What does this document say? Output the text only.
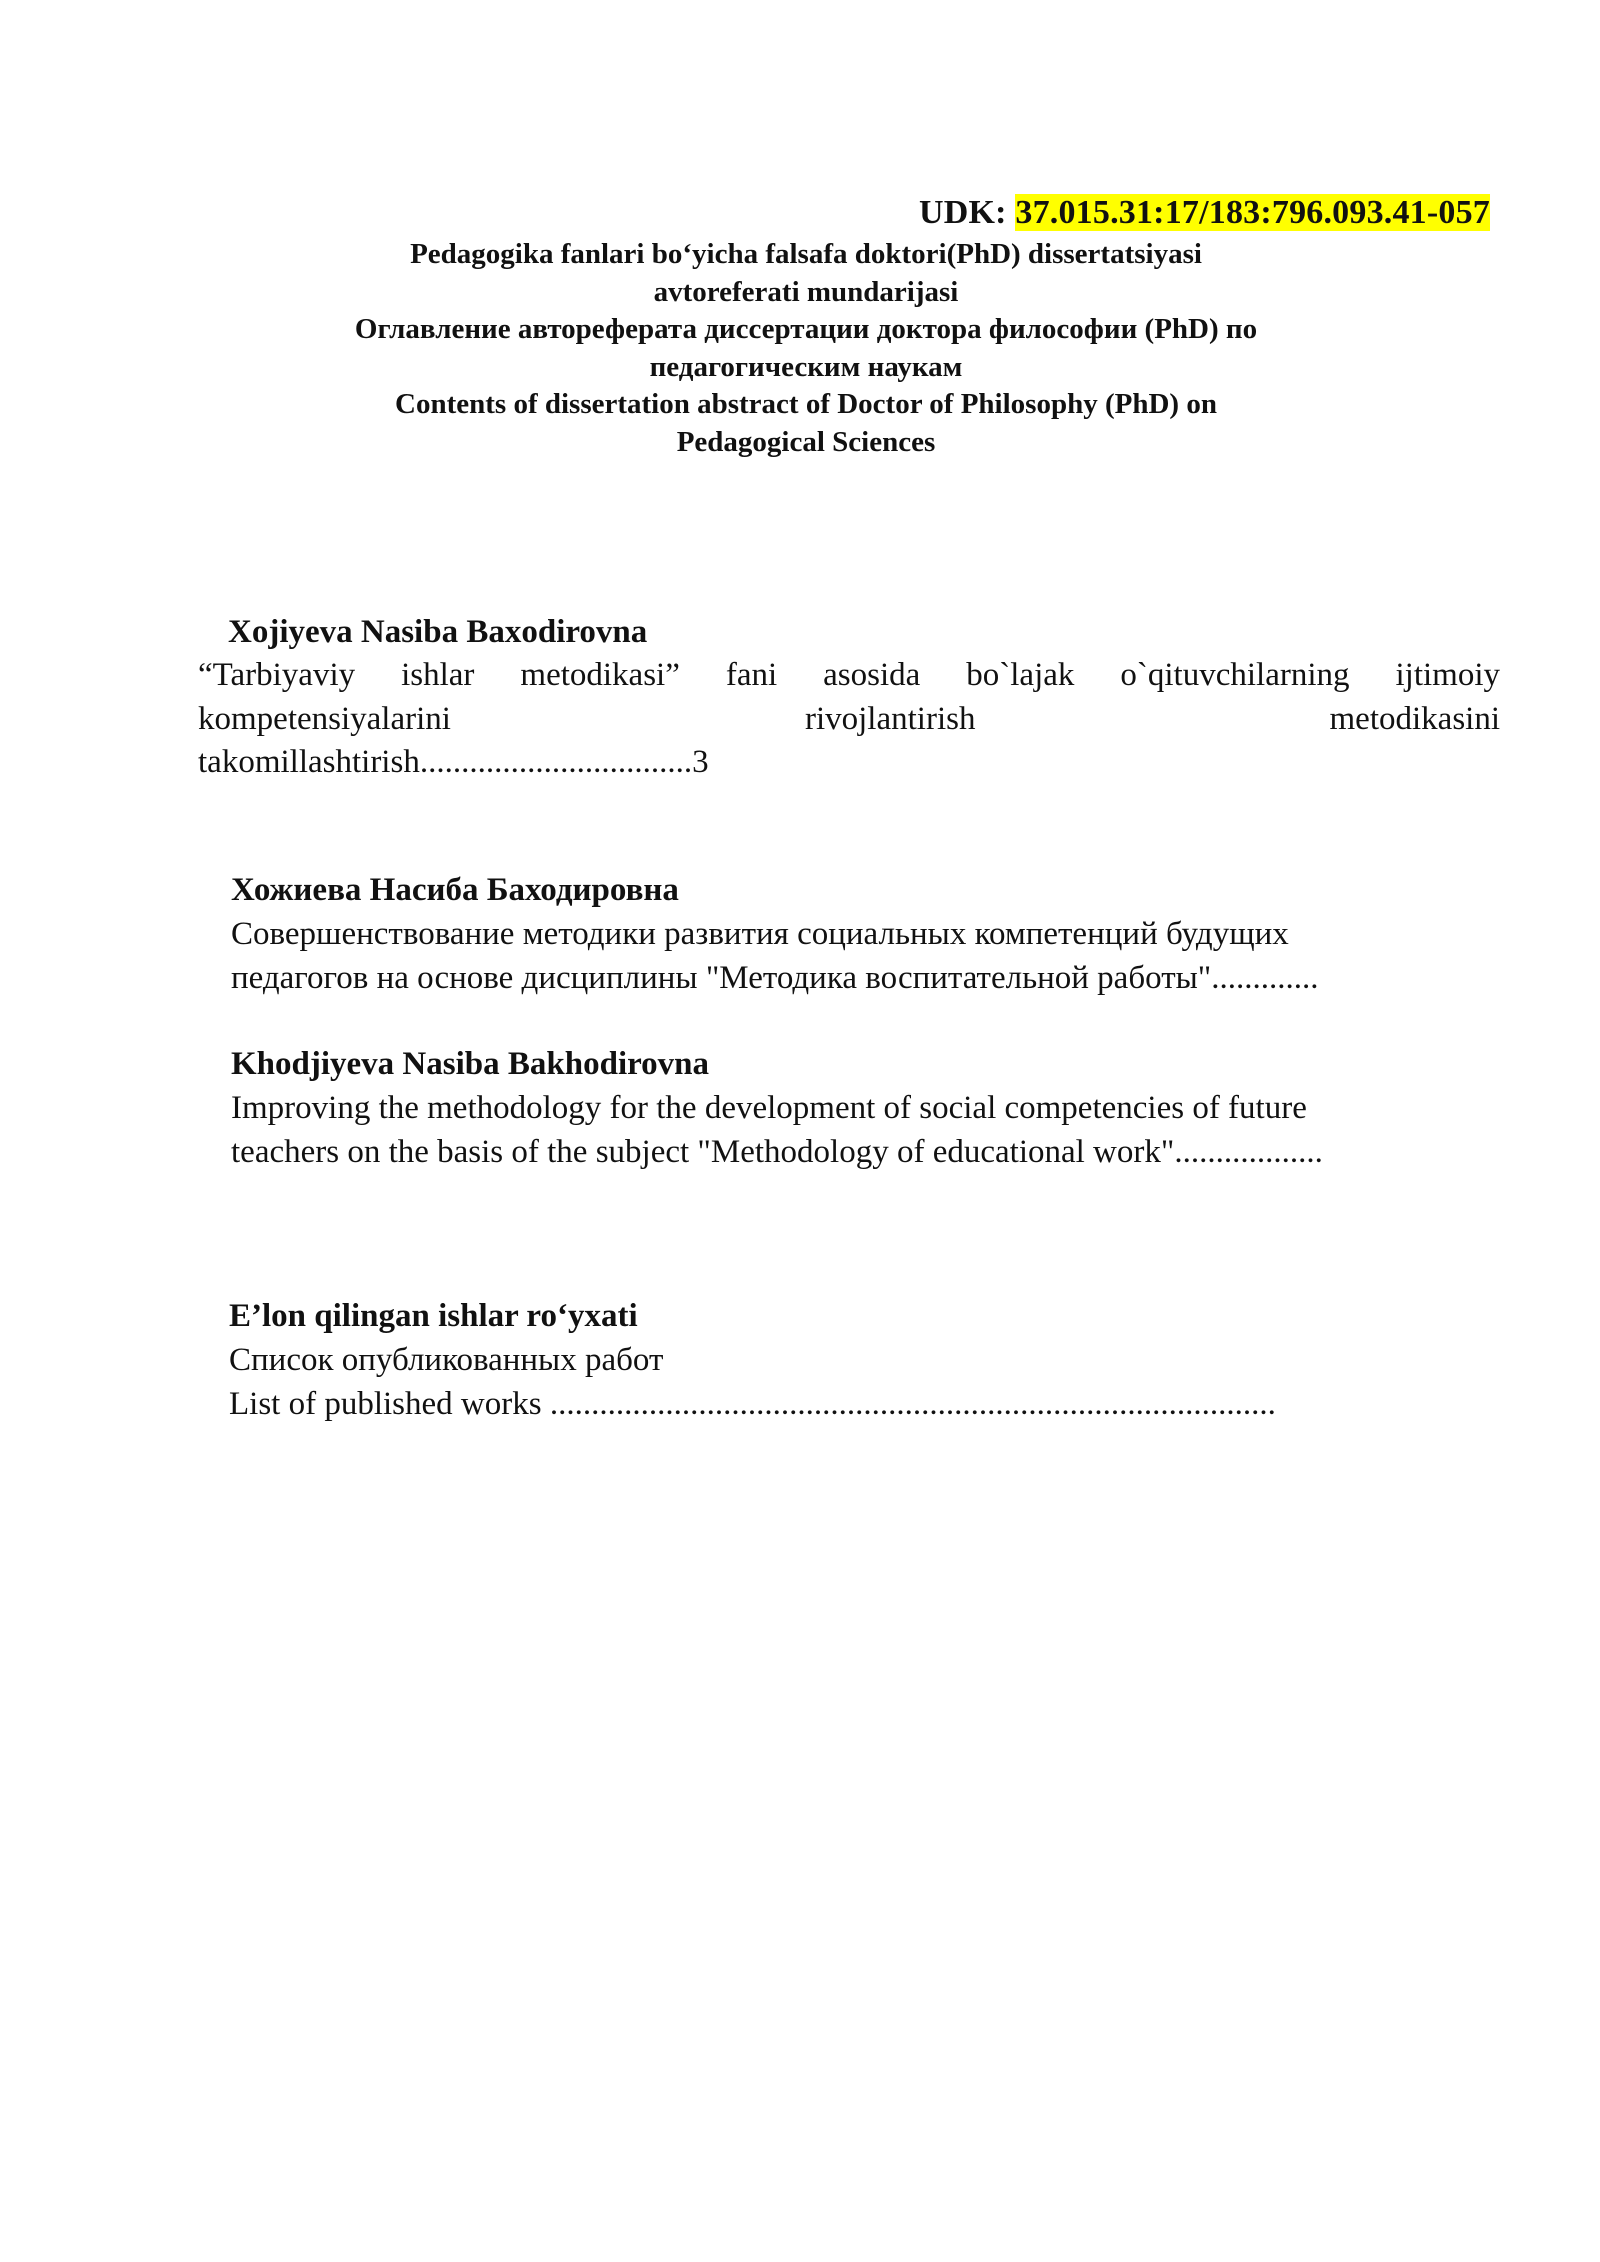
UDK: 37.015.31:17/183:796.093.41-057
Pedagogika fanlari bo‘yicha falsafa doktori(PhD) dissertatsiyasi
avtoreferati mundarijasi
Оглавление автореферата диссертации доктора философии (PhD) по
педагогическим наукам
Contents of dissertation abstract of Doctor of Philosophy (PhD) on
Pedagogical Sciences
Xojiyeva Nasiba Baxodirovna
“Tarbiyaviy ishlar metodikasi” fani asosida bo`lajak o`qituvchilarning ijtimoiy
kompetensiyalarini	rivojlantirish	metodikasini
takomillashtirish.................................3
Хожиева Насиба Баходировна
Совершенствование методики развития социальных компетенций будущих
педагогов на основе дисциплины "Методика воспитательной работы".............
Khodjiyeva Nasiba Bakhodirovna
Improving the methodology for the development of social competencies of future
teachers on the basis of the subject "Methodology of educational work"..................
E’lon qilingan ishlar ro‘yxati
Список опубликованных работ
List of published works ........................................................................................
